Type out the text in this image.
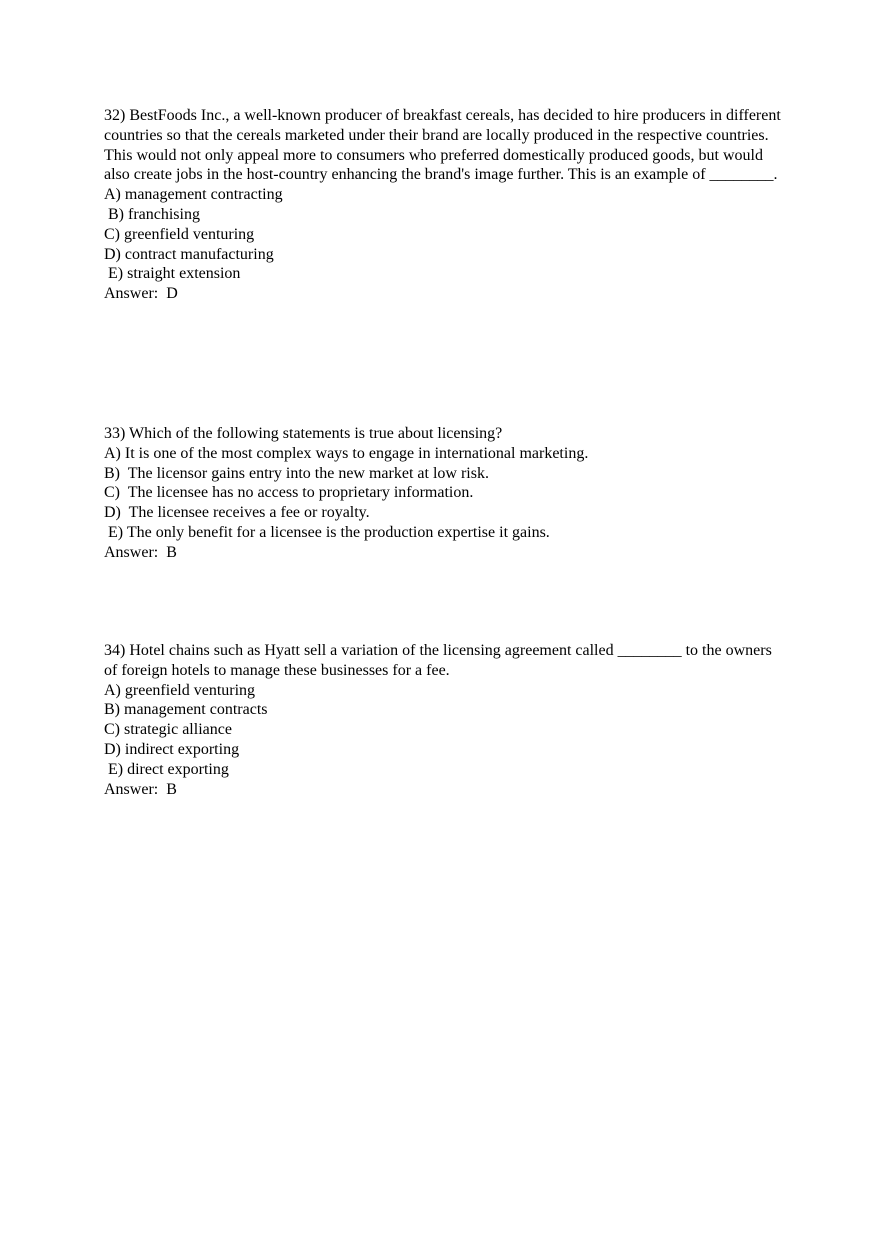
32) BestFoods Inc., a well-known producer of breakfast cereals, has decided to hire producers in different countries so that the cereals marketed under their brand are locally produced in the respective countries. This would not only appeal more to consumers who preferred domestically produced goods, but would also create jobs in the host-country enhancing the brand's image further. This is an example of ________.

A) management contracting

B) franchising

C) greenfield venturing

D) contract manufacturing

E) straight extension

Answer:  D

33) Which of the following statements is true about licensing?

A) It is one of the most complex ways to engage in international marketing.

B)  The licensor gains entry into the new market at low risk.

C)  The licensee has no access to proprietary information.

D)  The licensee receives a fee or royalty.

E) The only benefit for a licensee is the production expertise it gains.

Answer:  B

34) Hotel chains such as Hyatt sell a variation of the licensing agreement called ________ to the owners of foreign hotels to manage these businesses for a fee.

A) greenfield venturing

B) management contracts

C) strategic alliance

D) indirect exporting

E) direct exporting

Answer:  B
